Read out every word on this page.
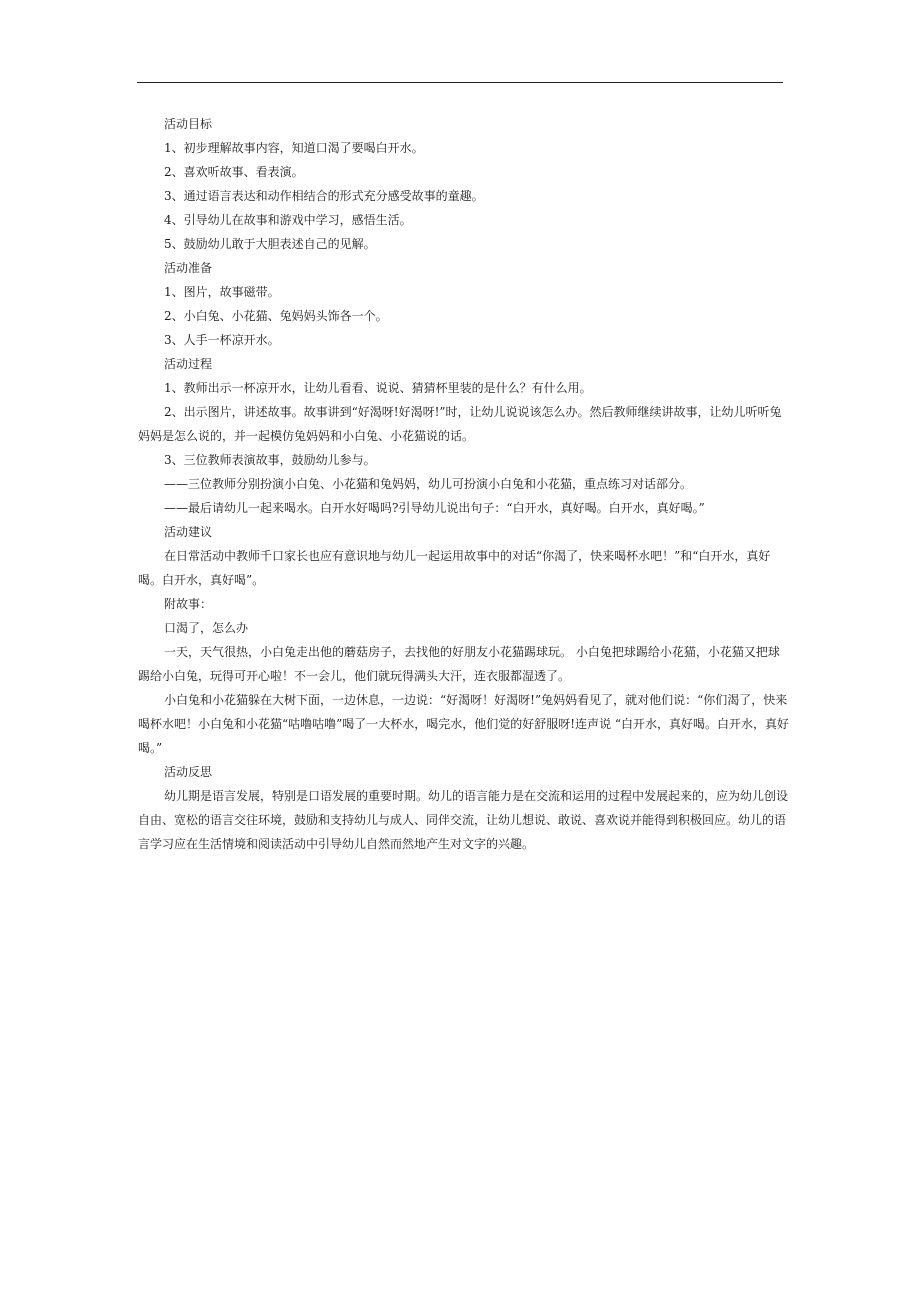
活动目标

1、初步理解故事内容，知道口渴了要喝白开水。

2、喜欢听故事、看表演。

3、通过语言表达和动作相结合的形式充分感受故事的童趣。

4、引导幼儿在故事和游戏中学习，感悟生活。

5、鼓励幼儿敢于大胆表述自己的见解。

活动准备

1、图片，故事磁带。

2、小白兔、小花猫、兔妈妈头饰各一个。

3、人手一杯凉开水。

活动过程

1、教师出示一杯凉开水，让幼儿看看、说说、猜猜杯里装的是什么？有什么用。

2、出示图片，讲述故事。故事讲到“好渴呀!好渴呀!”时，让幼儿说说该怎么办。然后教师继续讲故事，让幼儿听听兔妈妈是怎么说的，并一起模仿兔妈妈和小白兔、小花猫说的话。

3、三位教师表演故事，鼓励幼儿参与。

——三位教师分别扮演小白兔、小花猫和兔妈妈，幼儿可扮演小白兔和小花猫，重点练习对话部分。

——最后请幼儿一起来喝水。白开水好喝吗?引导幼儿说出句子：“白开水，真好喝。白开水，真好喝。”

活动建议

在日常活动中教师千口家长也应有意识地与幼儿一起运用故事中的对话“你渴了，快来喝杯水吧！”和“白开水，真好喝。白开水，真好喝”。

附故事：

口渴了，怎么办

一天，天气很热，小白兔走出他的蘑菇房子，去找他的好朋友小花猫踢球玩。 小白兔把球踢给小花猫，小花猫又把球踢给小白兔，玩得可开心啦！不一会儿，他们就玩得满头大汗，连衣服都湿透了。

小白兔和小花猫躲在大树下面，一边休息，一边说：“好渴呀！好渴呀!”兔妈妈看见了，就对他们说：“你们渴了，快来喝杯水吧！小白兔和小花猫“咕噜咕噜”喝了一大杯水，喝完水，他们觉的好舒服呀!连声说 “白开水，真好喝。白开水，真好喝。”

活动反思

幼儿期是语言发展，特别是口语发展的重要时期。幼儿的语言能力是在交流和运用的过程中发展起来的，应为幼儿创设自由、宽松的语言交往环境，鼓励和支持幼儿与成人、同伴交流，让幼儿想说、敢说、喜欢说并能得到积极回应。幼儿的语言学习应在生活情境和阅读活动中引导幼儿自然而然地产生对文字的兴趣。
